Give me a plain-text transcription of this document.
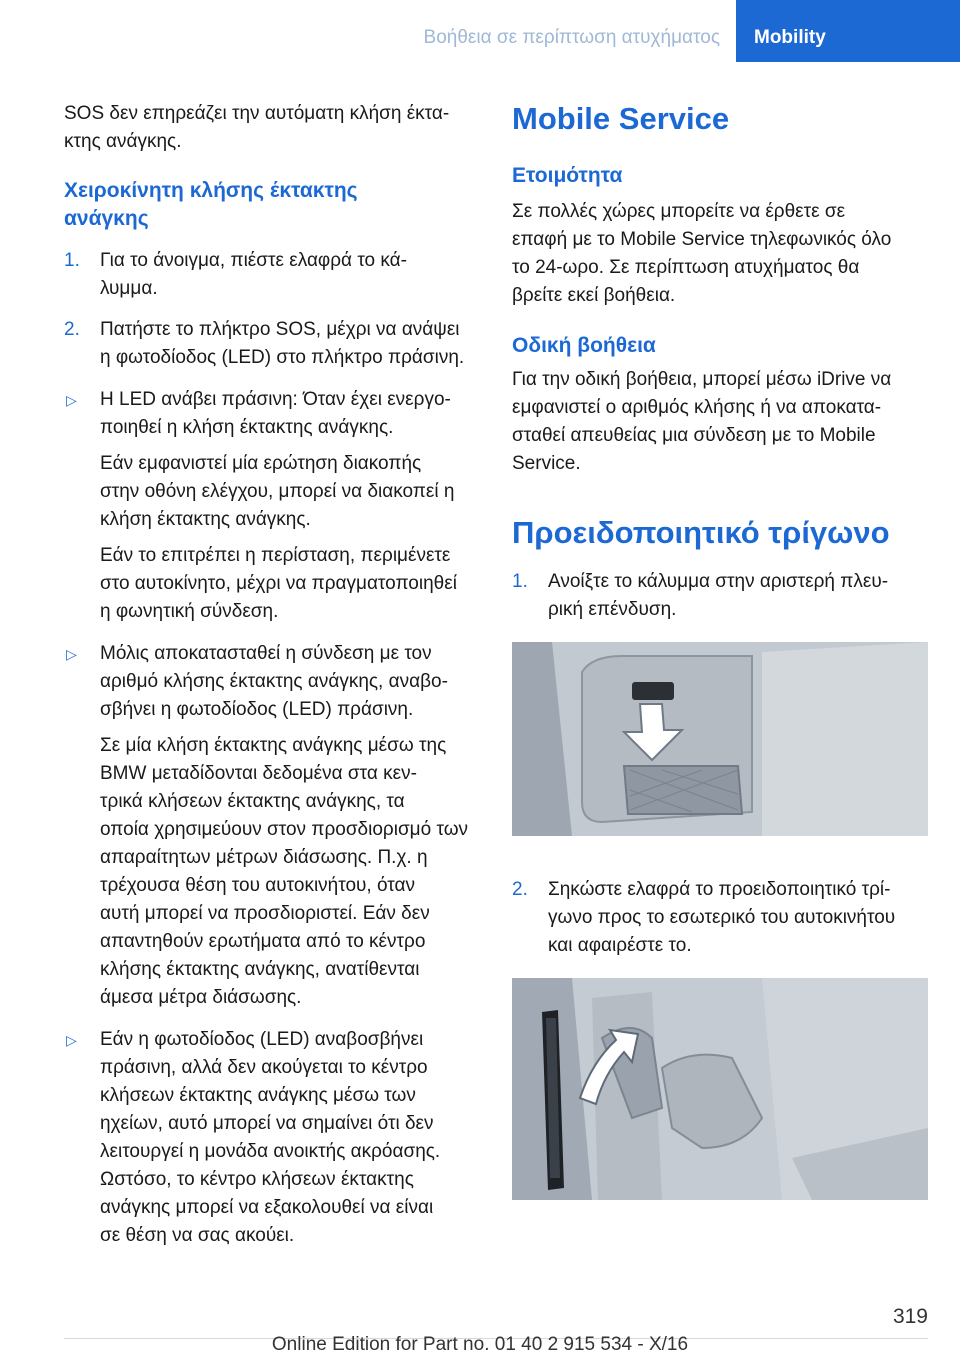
Βοήθεια σε περίπτωση ατυχήματος	Mobility

SOS δεν επηρεάζει την αυτόματη κλήση έκτα-
κτης ανάγκης.

Χειροκίνητη κλήσης έκτακτης
ανάγκης
1. Για το άνοιγμα, πιέστε ελαφρά το κά-
λυμμα.
2. Πατήστε το πλήκτρο SOS, μέχρι να ανάψει
η φωτοδίοδος (LED) στο πλήκτρο πράσινη.
▷ Η LED ανάβει πράσινη: Όταν έχει ενεργο-
ποιηθεί η κλήση έκτακτης ανάγκης.
Εάν εμφανιστεί μία ερώτηση διακοπής
στην οθόνη ελέγχου, μπορεί να διακοπεί η
κλήση έκτακτης ανάγκης.
Εάν το επιτρέπει η περίσταση, περιμένετε
στο αυτοκίνητο, μέχρι να πραγματοποιηθεί
η φωνητική σύνδεση.
▷ Μόλις αποκατασταθεί η σύνδεση με τον
αριθμό κλήσης έκτακτης ανάγκης, αναβο-
σβήνει η φωτοδίοδος (LED) πράσινη.
Σε μία κλήση έκτακτης ανάγκης μέσω της
BMW μεταδίδονται δεδομένα στα κεν-
τρικά κλήσεων έκτακτης ανάγκης, τα
οποία χρησιμεύουν στον προσδιορισμό των
απαραίτητων μέτρων διάσωσης. Π.χ. η
τρέχουσα θέση του αυτοκινήτου, όταν
αυτή μπορεί να προσδιοριστεί. Εάν δεν
απαντηθούν ερωτήματα από το κέντρο
κλήσης έκτακτης ανάγκης, ανατίθενται
άμεσα μέτρα διάσωσης.
▷ Εάν η φωτοδίοδος (LED) αναβοσβήνει
πράσινη, αλλά δεν ακούγεται το κέντρο
κλήσεων έκτακτης ανάγκης μέσω των
ηχείων, αυτό μπορεί να σημαίνει ότι δεν
λειτουργεί η μονάδα ανοικτής ακρόασης.
Ωστόσο, το κέντρο κλήσεων έκτακτης
ανάγκης μπορεί να εξακολουθεί να είναι
σε θέση να σας ακούει.
Mobile Service
Ετοιμότητα

Σε πολλές χώρες μπορείτε να έρθετε σε
επαφή με το Mobile Service τηλεφωνικός όλο
το 24-ωρο. Σε περίπτωση ατυχήματος θα
βρείτε εκεί βοήθεια.

Οδική βοήθεια

Για την οδική βοήθεια, μπορεί μέσω iDrive να
εμφανιστεί ο αριθμός κλήσης ή να αποκατα-
σταθεί απευθείας μια σύνδεση με το Mobile
Service.

Προειδοποιητικό τρίγωνο
1. Ανοίξτε το κάλυμμα στην αριστερή πλευ-
ρική επένδυση.
2. Σηκώστε ελαφρά το προειδοποιητικό τρί-
γωνο προς το εσωτερικό του αυτοκινήτου
και αφαιρέστε το.
319
Online Edition for Part no. 01 40 2 915 534 - X/16
